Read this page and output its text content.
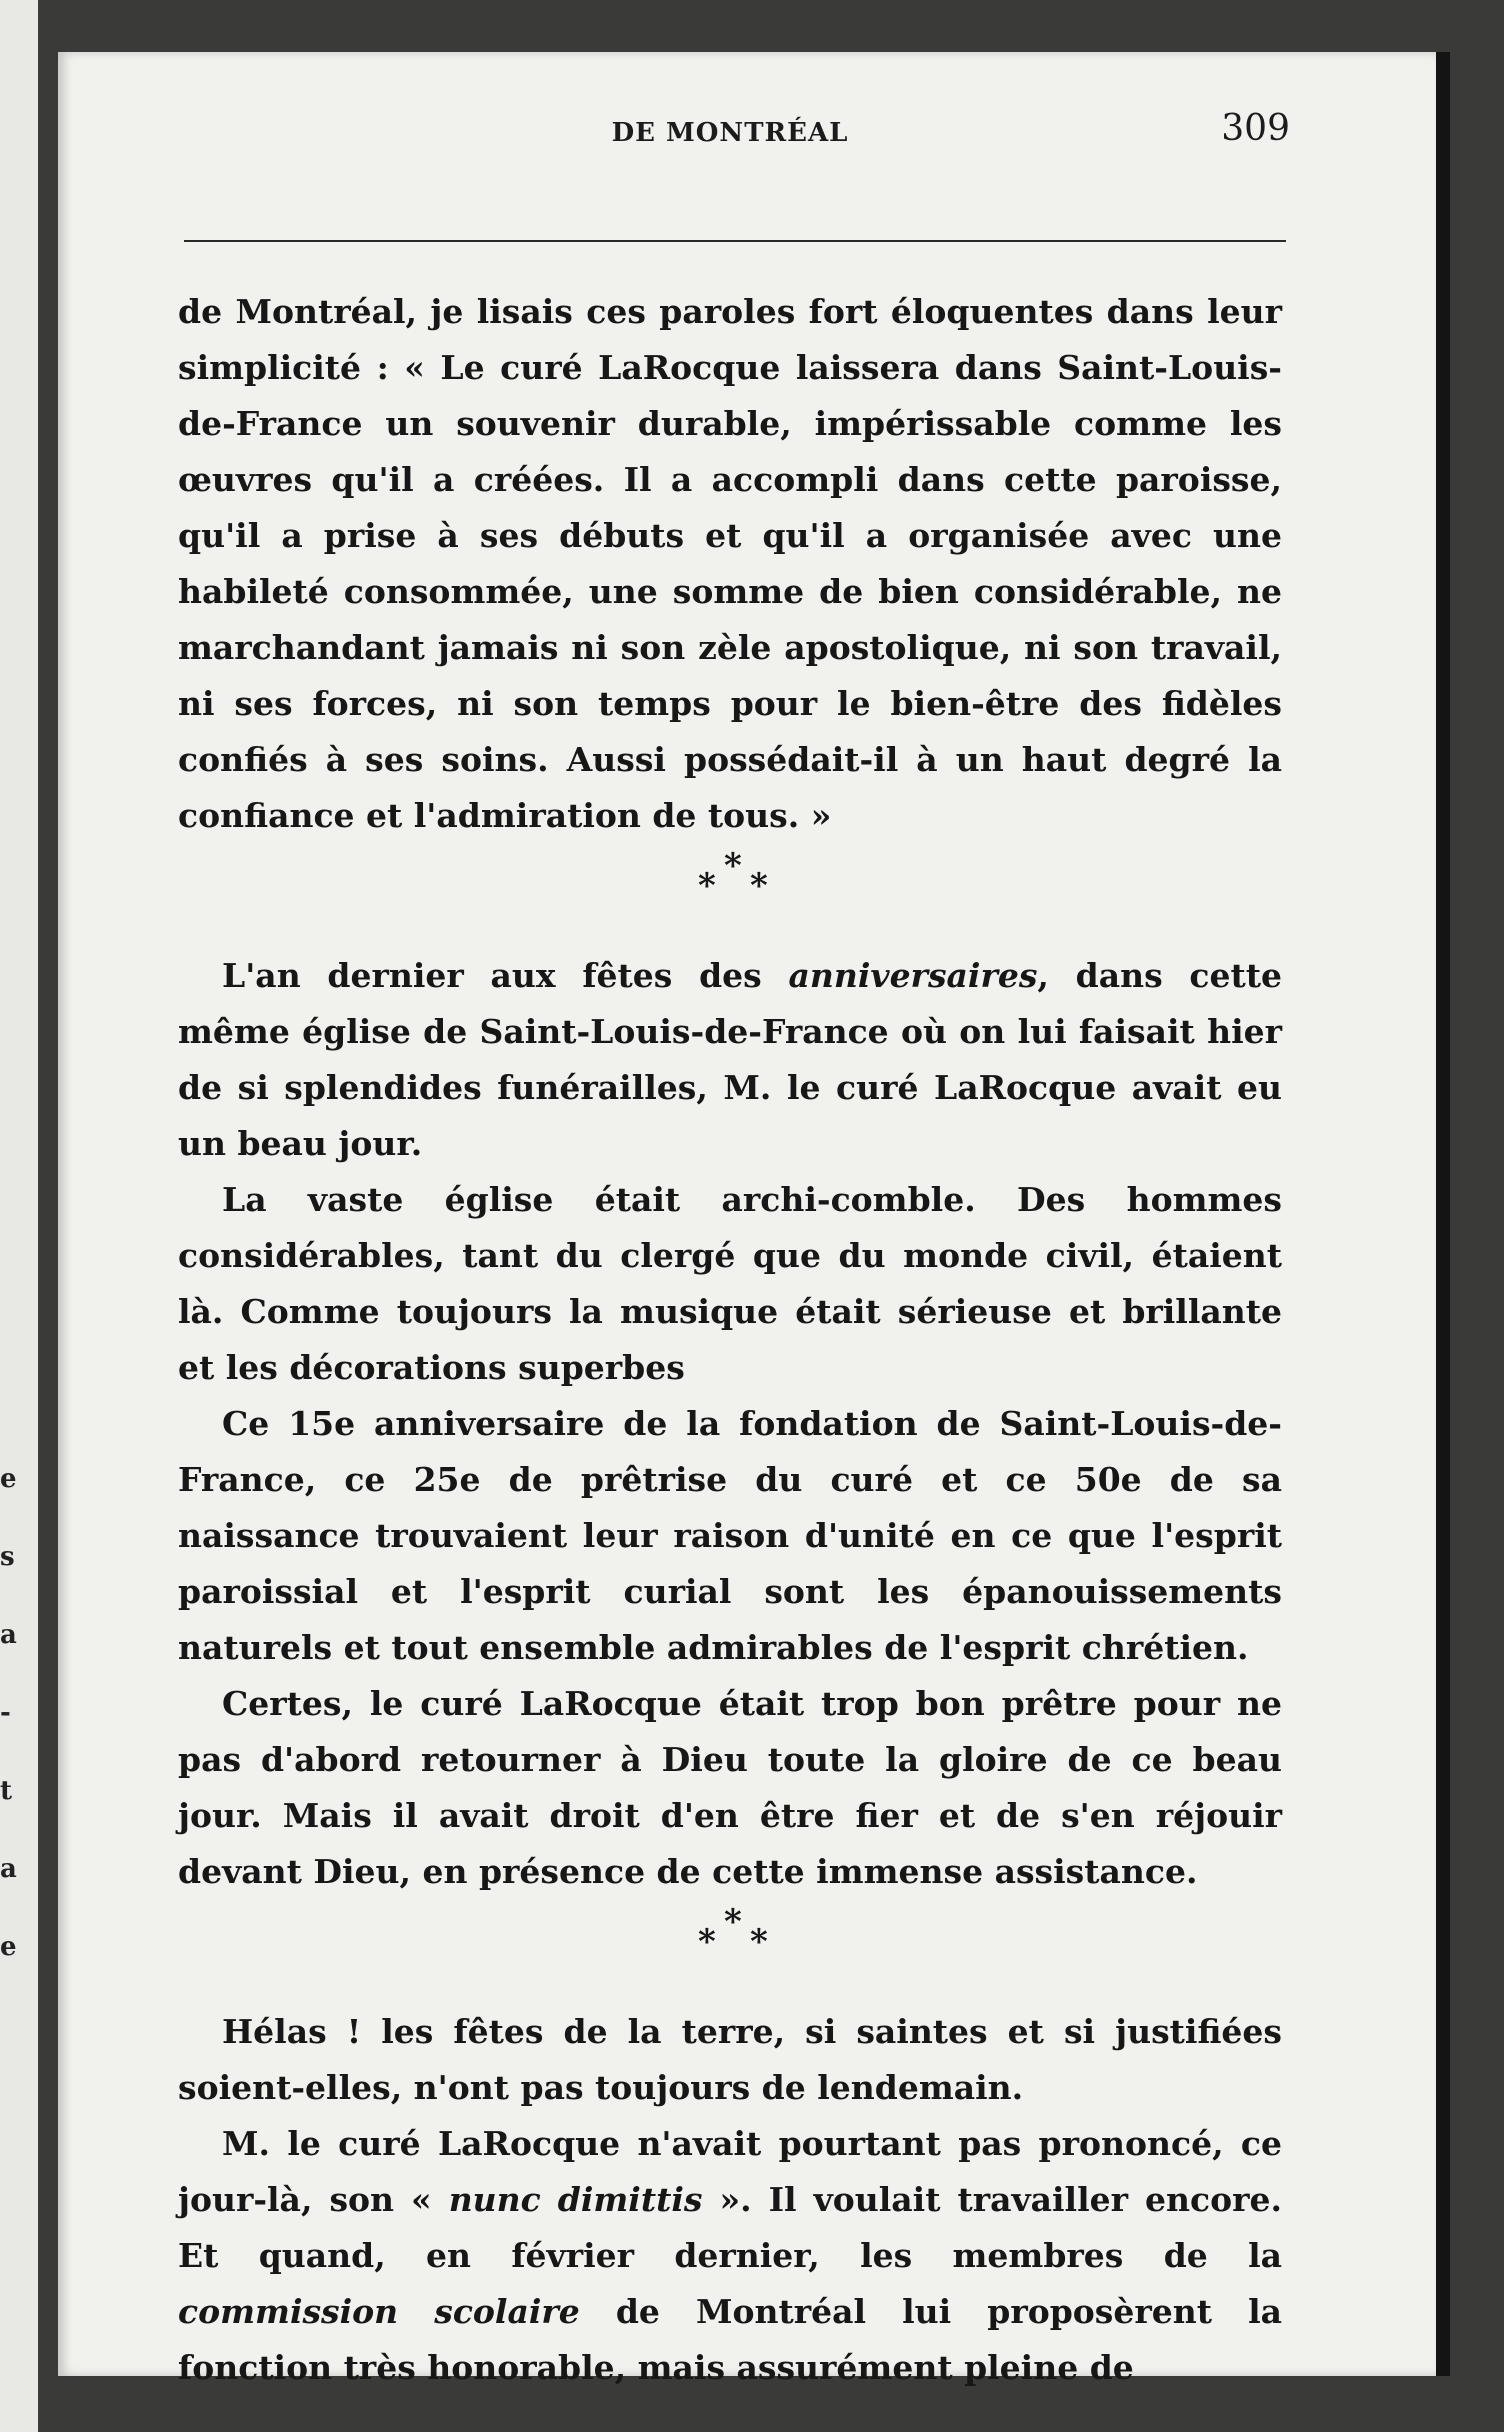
e
s
a
-
t
a
e
DE MONTRÉAL	309

de Montréal, je lisais ces paroles fort éloquentes dans leur simplicité : « Le curé LaRocque laissera dans Saint-Louis-de-France un souvenir durable, impérissable comme les œuvres qu'il a créées. Il a accompli dans cette paroisse, qu'il a prise à ses débuts et qu'il a organisée avec une habileté consommée, une somme de bien considérable, ne marchandant jamais ni son zèle apostolique, ni son travail, ni ses forces, ni son temps pour le bien-être des fidèles confiés à ses soins. Aussi possédait-il à un haut degré la confiance et l'admiration de tous. »

*
* *

L'an dernier aux fêtes des anniversaires, dans cette même église de Saint-Louis-de-France où on lui faisait hier de si splendides funérailles, M. le curé LaRocque avait eu un beau jour.

La vaste église était archi-comble. Des hommes considérables, tant du clergé que du monde civil, étaient là. Comme toujours la musique était sérieuse et brillante et les décorations superbes

Ce 15e anniversaire de la fondation de Saint-Louis-de-France, ce 25e de prêtrise du curé et ce 50e de sa naissance trouvaient leur raison d'unité en ce que l'esprit paroissial et l'esprit curial sont les épanouissements naturels et tout ensemble admirables de l'esprit chrétien.

Certes, le curé LaRocque était trop bon prêtre pour ne pas d'abord retourner à Dieu toute la gloire de ce beau jour. Mais il avait droit d'en être fier et de s'en réjouir devant Dieu, en présence de cette immense assistance.

*
* *

Hélas ! les fêtes de la terre, si saintes et si justifiées soient-elles, n'ont pas toujours de lendemain.

M. le curé LaRocque n'avait pourtant pas prononcé, ce jour-là, son « nunc dimittis ». Il voulait travailler encore. Et quand, en février dernier, les membres de la commission scolaire de Montréal lui proposèrent la fonction très honorable, mais assurément pleine de
